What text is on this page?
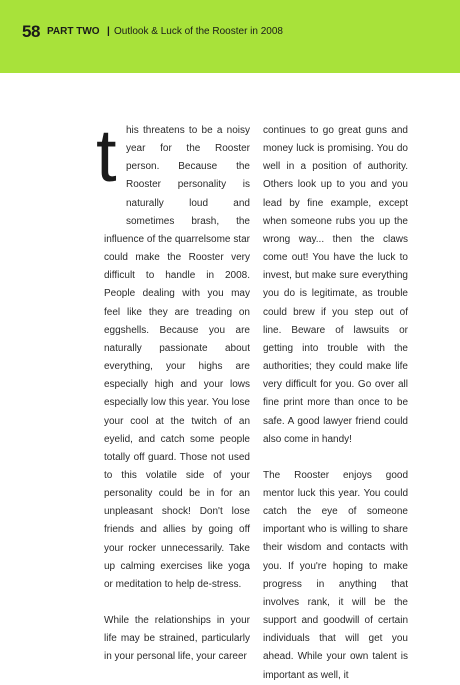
58 PART TWO | Outlook & Luck of the Rooster in 2008

this threatens to be a noisy year for the Rooster person. Because the Rooster personality is naturally loud and sometimes brash, the influence of the quarrelsome star could make the Rooster very difficult to handle in 2008. People dealing with you may feel like they are treading on eggshells. Because you are naturally passionate about everything, your highs are especially high and your lows especially low this year. You lose your cool at the twitch of an eyelid, and catch some people totally off guard. Those not used to this volatile side of your personality could be in for an unpleasant shock! Don't lose friends and allies by going off your rocker unnecessarily. Take up calming exercises like yoga or meditation to help de-stress.

While the relationships in your life may be strained, particularly in your personal life, your career

continues to go great guns and money luck is promising. You do well in a position of authority. Others look up to you and you lead by fine example, except when someone rubs you up the wrong way... then the claws come out! You have the luck to invest, but make sure everything you do is legitimate, as trouble could brew if you step out of line. Beware of lawsuits or getting into trouble with the authorities; they could make life very difficult for you. Go over all fine print more than once to be safe. A good lawyer friend could also come in handy!

The Rooster enjoys good mentor luck this year. You could catch the eye of someone important who is willing to share their wisdom and contacts with you. If you're hoping to make progress in anything that involves rank, it will be the support and goodwill of certain individuals that will get you ahead. While your own talent is important as well, it
